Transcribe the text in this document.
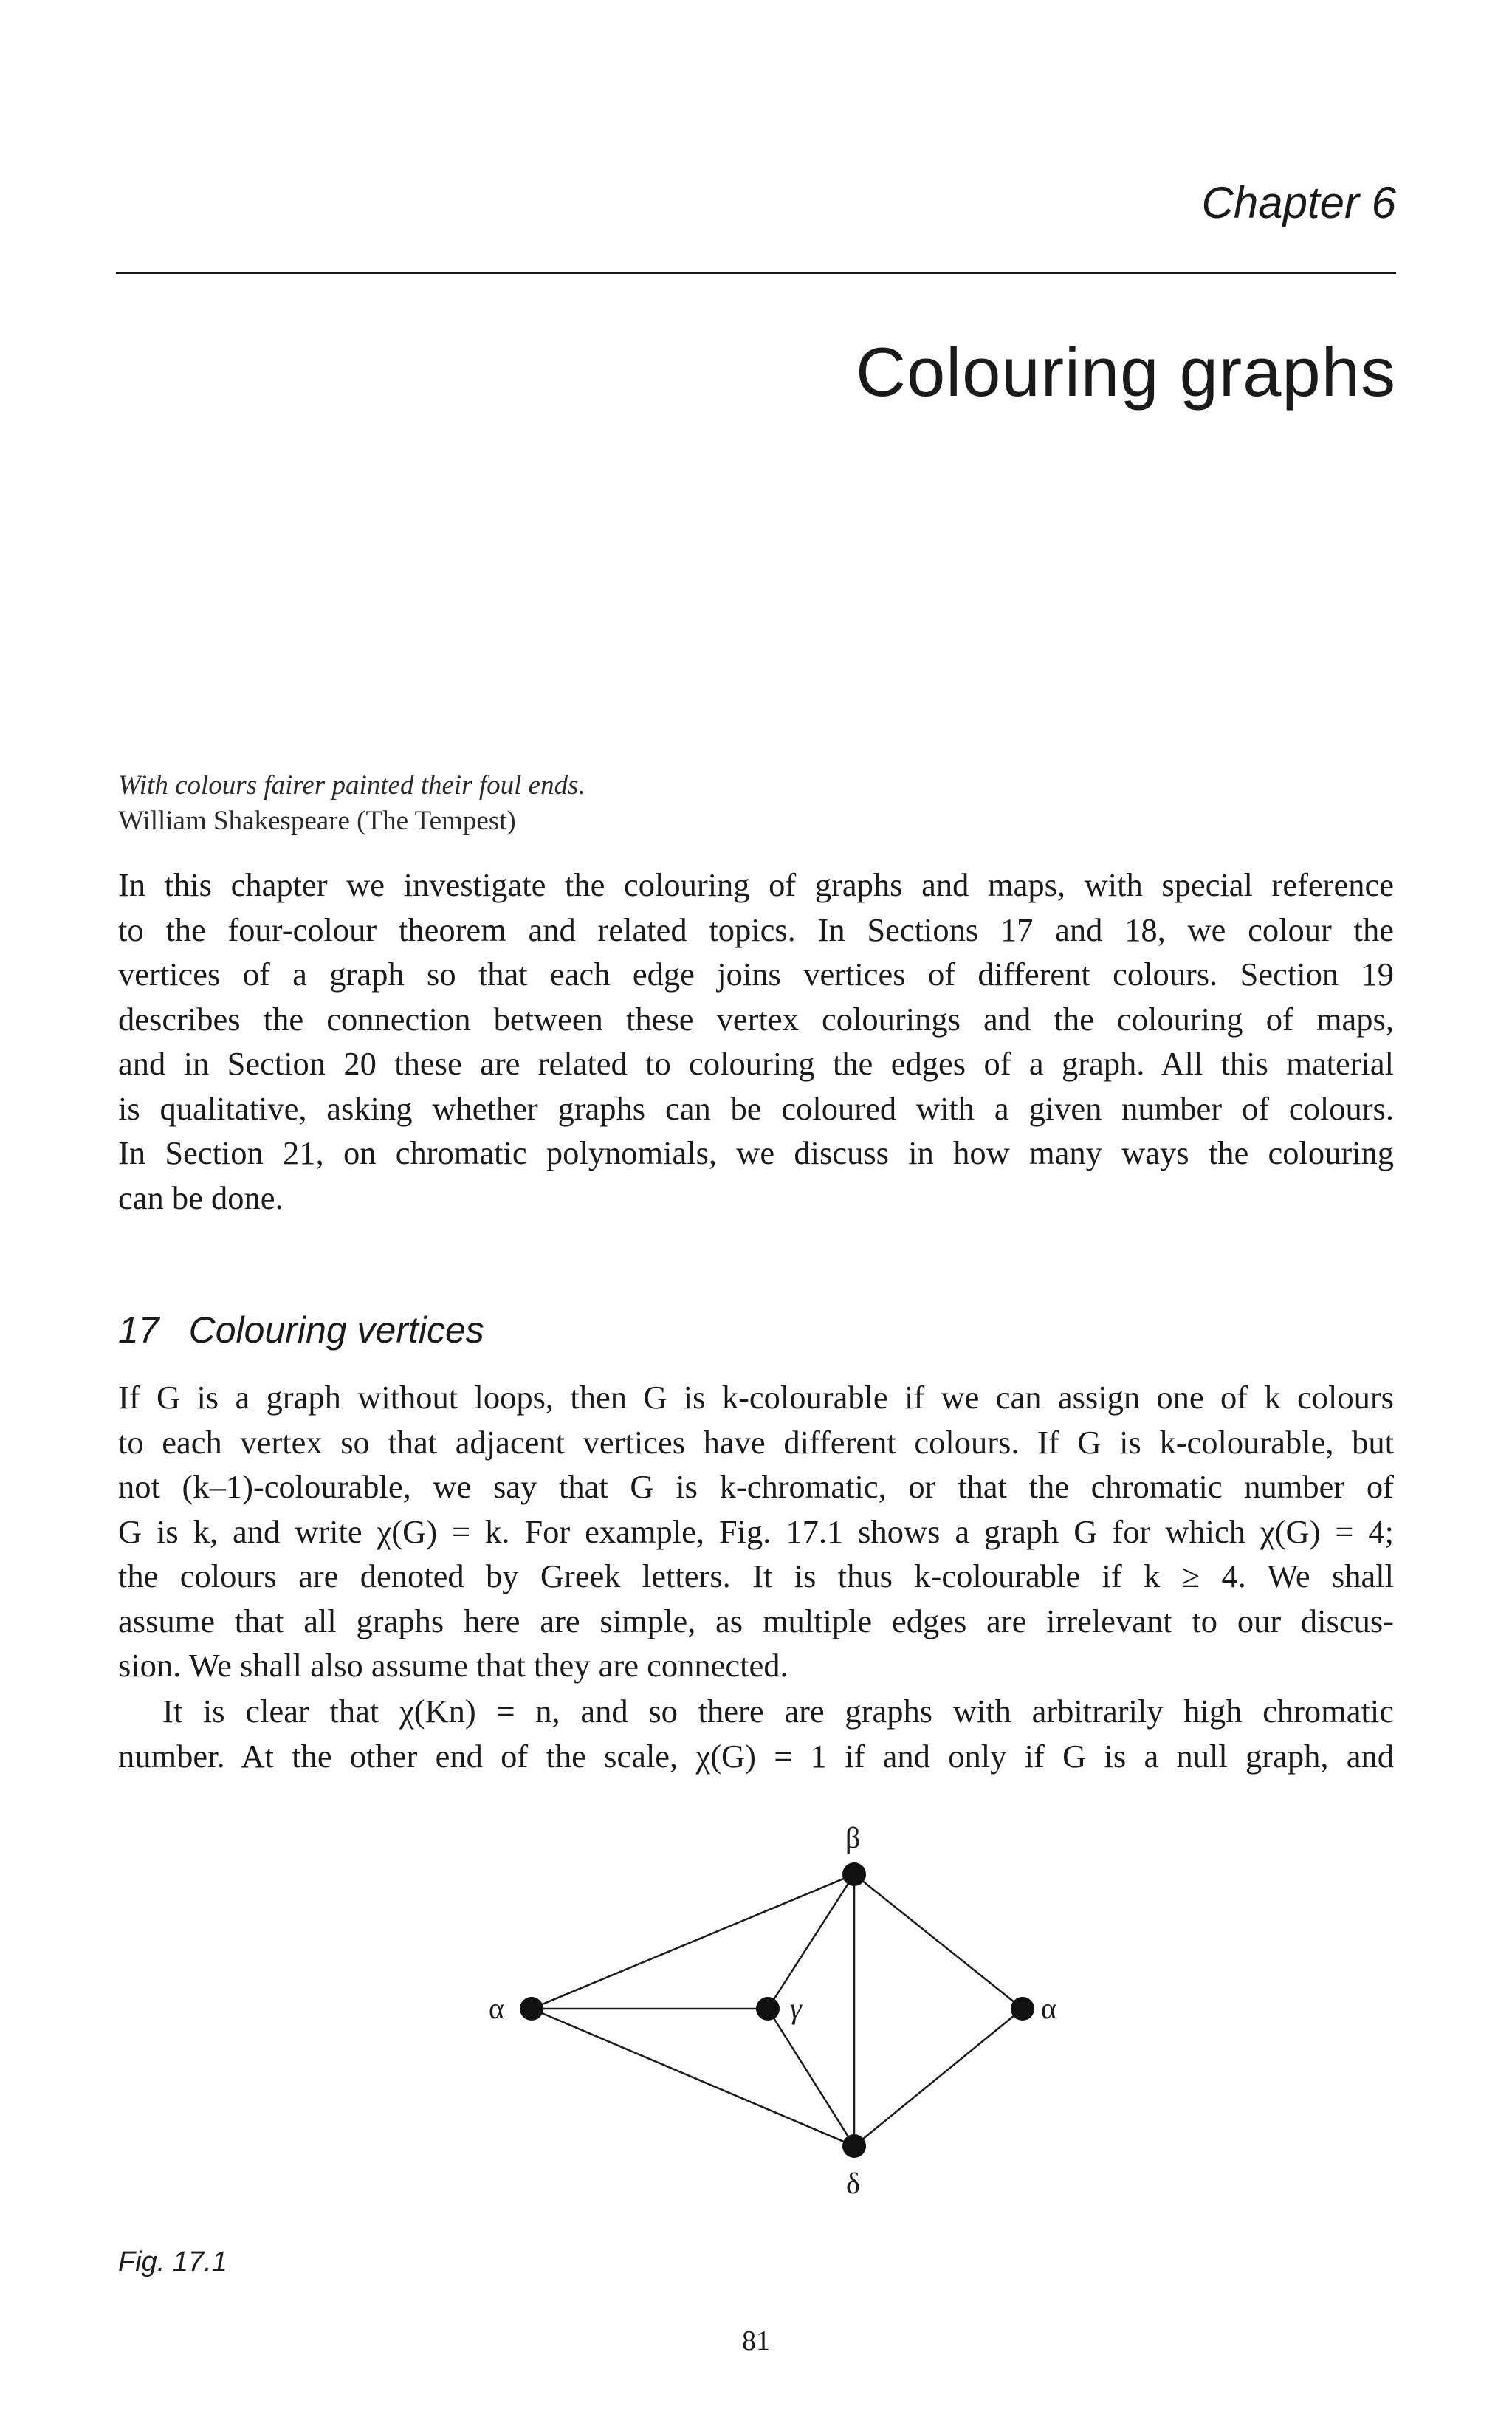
Chapter 6
Colouring graphs
With colours fairer painted their foul ends.
William Shakespeare (The Tempest)

In this chapter we investigate the colouring of graphs and maps, with special reference
to the four-colour theorem and related topics. In Sections 17 and 18, we colour the
vertices of a graph so that each edge joins vertices of different colours. Section 19
describes the connection between these vertex colourings and the colouring of maps,
and in Section 20 these are related to colouring the edges of a graph. All this material
is qualitative, asking whether graphs can be coloured with a given number of colours.
In Section 21, on chromatic polynomials, we discuss in how many ways the colouring
can be done.

17 Colouring vertices

If G is a graph without loops, then G is k-colourable if we can assign one of k colours
to each vertex so that adjacent vertices have different colours. If G is k-colourable, but
not (k–1)-colourable, we say that G is k-chromatic, or that the chromatic number of
G is k, and write χ(G) = k. For example, Fig. 17.1 shows a graph G for which χ(G) = 4;
the colours are denoted by Greek letters. It is thus k-colourable if k ≥ 4. We shall
assume that all graphs here are simple, as multiple edges are irrelevant to our discus-
sion. We shall also assume that they are connected.

It is clear that χ(Kn) = n, and so there are graphs with arbitrarily high chromatic
number. At the other end of the scale, χ(G) = 1 if and only if G is a null graph, and

α
β
γ	α
δ
Fig. 17.1
81
